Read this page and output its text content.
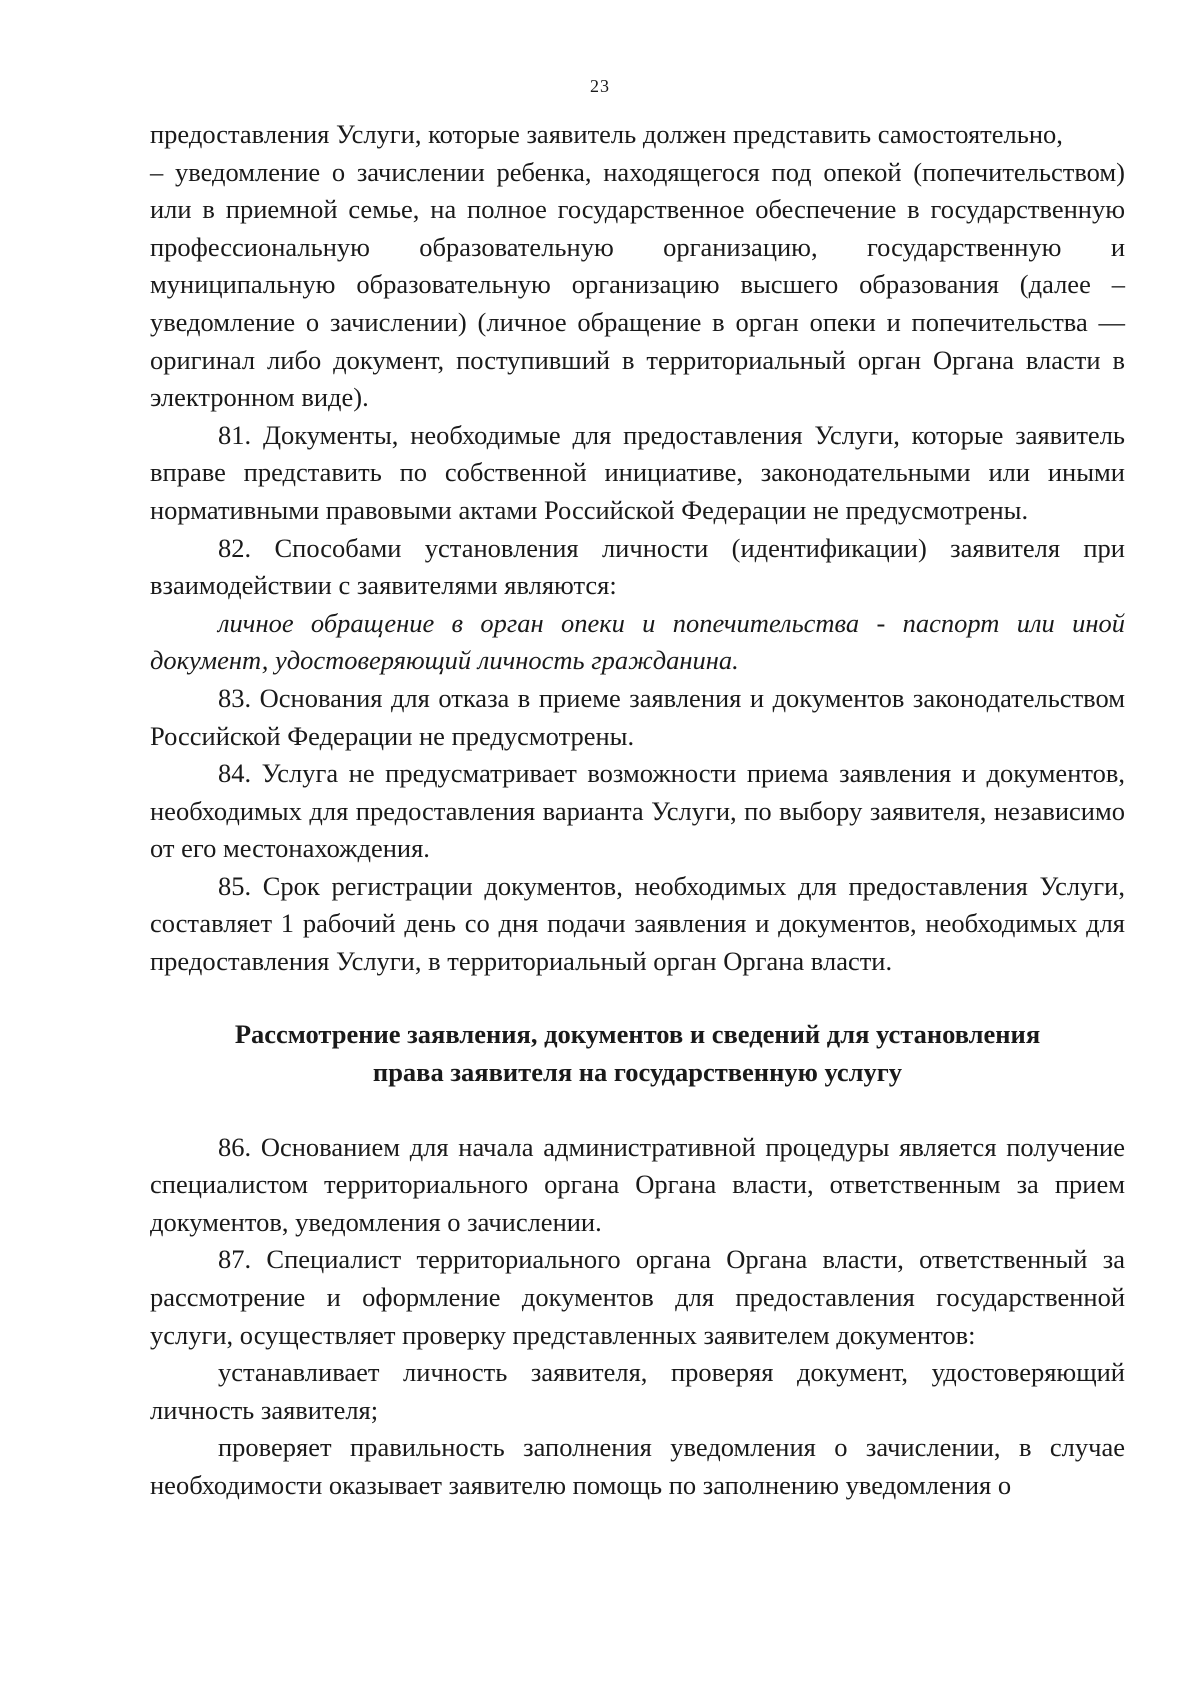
23

предоставления Услуги, которые заявитель должен представить самостоятельно,

– уведомление о зачислении ребенка, находящегося под опекой (попечительством) или в приемной семье, на полное государственное обеспечение в государственную профессиональную образовательную организацию, государственную и муниципальную образовательную организацию высшего образования (далее – уведомление о зачислении) (личное обращение в орган опеки и попечительства — оригинал либо документ, поступивший в территориальный орган Органа власти в электронном виде).

81. Документы, необходимые для предоставления Услуги, которые заявитель вправе представить по собственной инициативе, законодательными или иными нормативными правовыми актами Российской Федерации не предусмотрены.

82. Способами установления личности (идентификации) заявителя при взаимодействии с заявителями являются:

личное обращение в орган опеки и попечительства - паспорт или иной документ, удостоверяющий личность гражданина.

83. Основания для отказа в приеме заявления и документов законодательством Российской Федерации не предусмотрены.

84. Услуга не предусматривает возможности приема заявления и документов, необходимых для предоставления варианта Услуги, по выбору заявителя, независимо от его местонахождения.

85. Срок регистрации документов, необходимых для предоставления Услуги, составляет 1 рабочий день со дня подачи заявления и документов, необходимых для предоставления Услуги, в территориальный орган Органа власти.

Рассмотрение заявления, документов и сведений для установления
права заявителя на государственную услугу

86. Основанием для начала административной процедуры является получение специалистом территориального органа Органа власти, ответственным за прием документов, уведомления о зачислении.

87. Специалист территориального органа Органа власти, ответственный за рассмотрение и оформление документов для предоставления государственной услуги, осуществляет проверку представленных заявителем документов:

устанавливает личность заявителя, проверяя документ, удостоверяющий личность заявителя;

проверяет правильность заполнения уведомления о зачислении, в случае необходимости оказывает заявителю помощь по заполнению уведомления о
